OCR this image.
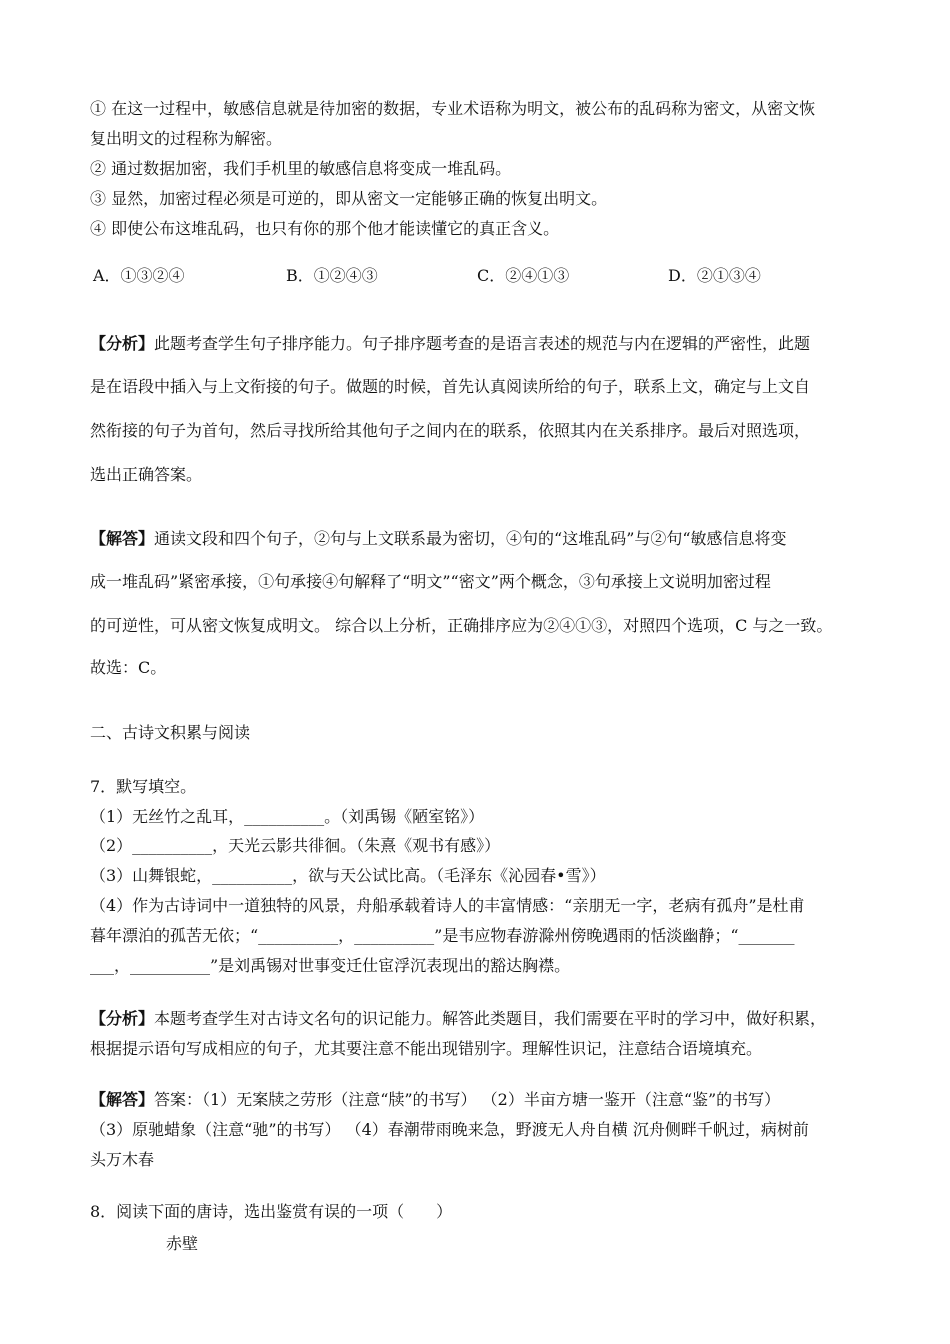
① 在这一过程中，敏感信息就是待加密的数据，专业术语称为明文，被公布的乱码称为密文，从密文恢
复出明文的过程称为解密。
② 通过数据加密，我们手机里的敏感信息将变成一堆乱码。
③ 显然，加密过程必须是可逆的，即从密文一定能够正确的恢复出明文。
④ 即使公布这堆乱码，也只有你的那个他才能读懂它的真正含义。
A．①③②④	B．①②④③	C．②④①③	D．②①③④
【分析】此题考查学生句子排序能力。句子排序题考查的是语言表述的规范与内在逻辑的严密性，此题
是在语段中插入与上文衔接的句子。做题的时候，首先认真阅读所给的句子，联系上文，确定与上文自
然衔接的句子为首句，然后寻找所给其他句子之间内在的联系，依照其内在关系排序。最后对照选项，
选出正确答案。
【解答】通读文段和四个句子，②句与上文联系最为密切，④句的“这堆乱码”与②句“敏感信息将变
成一堆乱码”紧密承接，①句承接④句解释了“明文”“密文”两个概念，③句承接上文说明加密过程
的可逆性，可从密文恢复成明文。 综合以上分析，正确排序应为②④①③，对照四个选项，C 与之一致。
故选：C。
二、古诗文积累与阅读
7．默写填空。
（1）无丝竹之乱耳，__________。（刘禹锡《陋室铭》）
（2）__________，天光云影共徘徊。（朱熹《观书有感》）
（3）山舞银蛇，__________，欲与天公试比高。（毛泽东《沁园春•雪》）
（4）作为古诗词中一道独特的风景，舟船承载着诗人的丰富情感：“亲朋无一字，老病有孤舟”是杜甫
暮年漂泊的孤苦无依；“__________，__________”是韦应物春游滁州傍晚遇雨的恬淡幽静；“_______
___，__________”是刘禹锡对世事变迁仕宦浮沉表现出的豁达胸襟。
【分析】本题考查学生对古诗文名句的识记能力。解答此类题目，我们需要在平时的学习中，做好积累，
根据提示语句写成相应的句子，尤其要注意不能出现错别字。理解性识记，注意结合语境填充。
【解答】答案：（1）无案牍之劳形（注意“牍”的书写） （2）半亩方塘一鉴开（注意“鉴”的书写）
（3）原驰蜡象（注意“驰”的书写） （4）春潮带雨晚来急，野渡无人舟自横 沉舟侧畔千帆过，病树前
头万木春
8．阅读下面的唐诗，选出鉴赏有误的一项（　　）
赤壁
